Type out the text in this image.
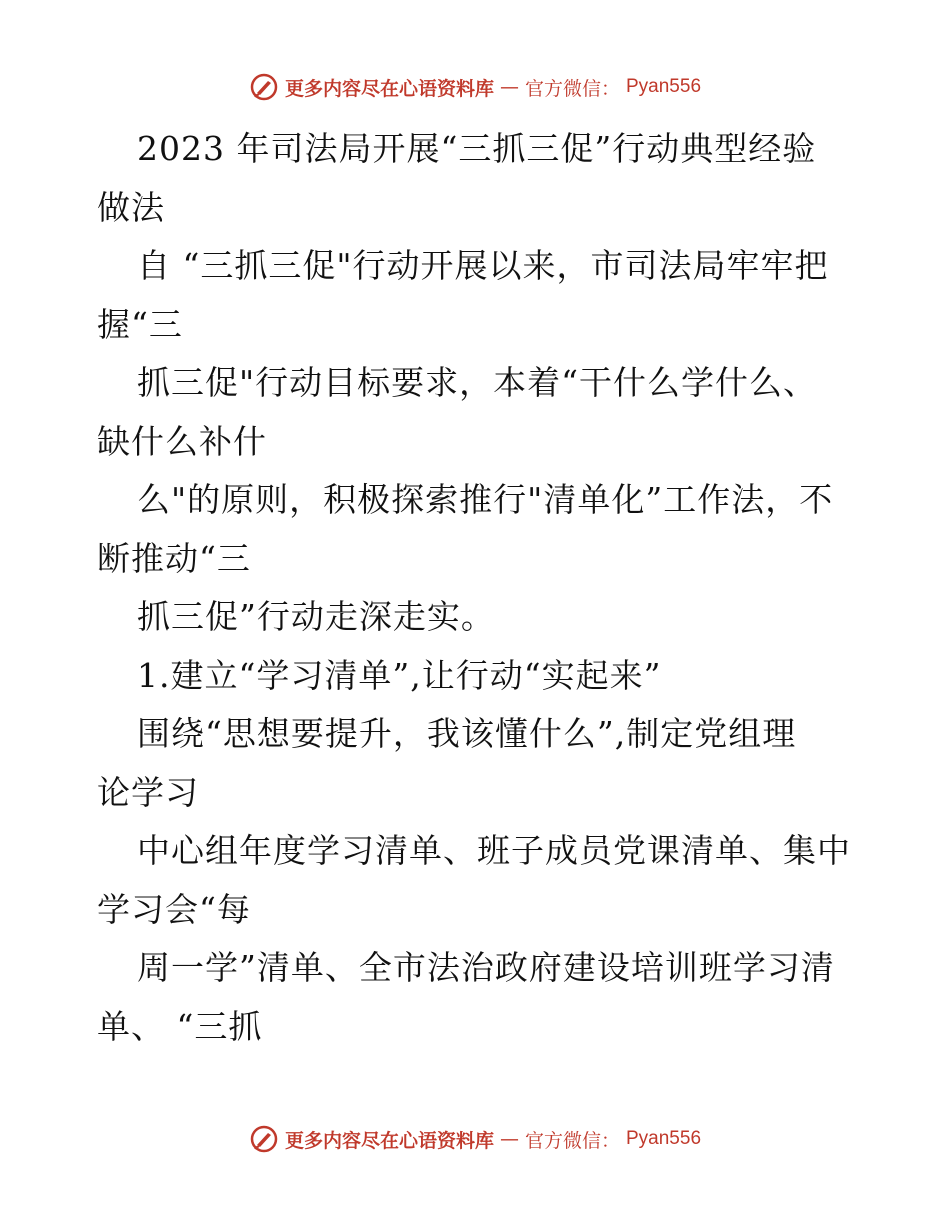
更多内容尽在心语资料库 — 官方微信： Pyan556
2023 年司法局开展“三抓三促”行动典型经验
做法
自 “三抓三促"行动开展以来，市司法局牢牢把
握“三
抓三促"行动目标要求，本着“干什么学什么、
缺什么补什
么"的原则，积极探索推行"清单化”工作法，不
断推动“三
抓三促”行动走深走实。
1.建立“学习清单”,让行动“实起来”
围绕“思想要提升，我该懂什么”,制定党组理
论学习
中心组年度学习清单、班子成员党课清单、集中
学习会“每
周一学”清单、全市法治政府建设培训班学习清
单、 “三抓
更多内容尽在心语资料库 — 官方微信： Pyan556
